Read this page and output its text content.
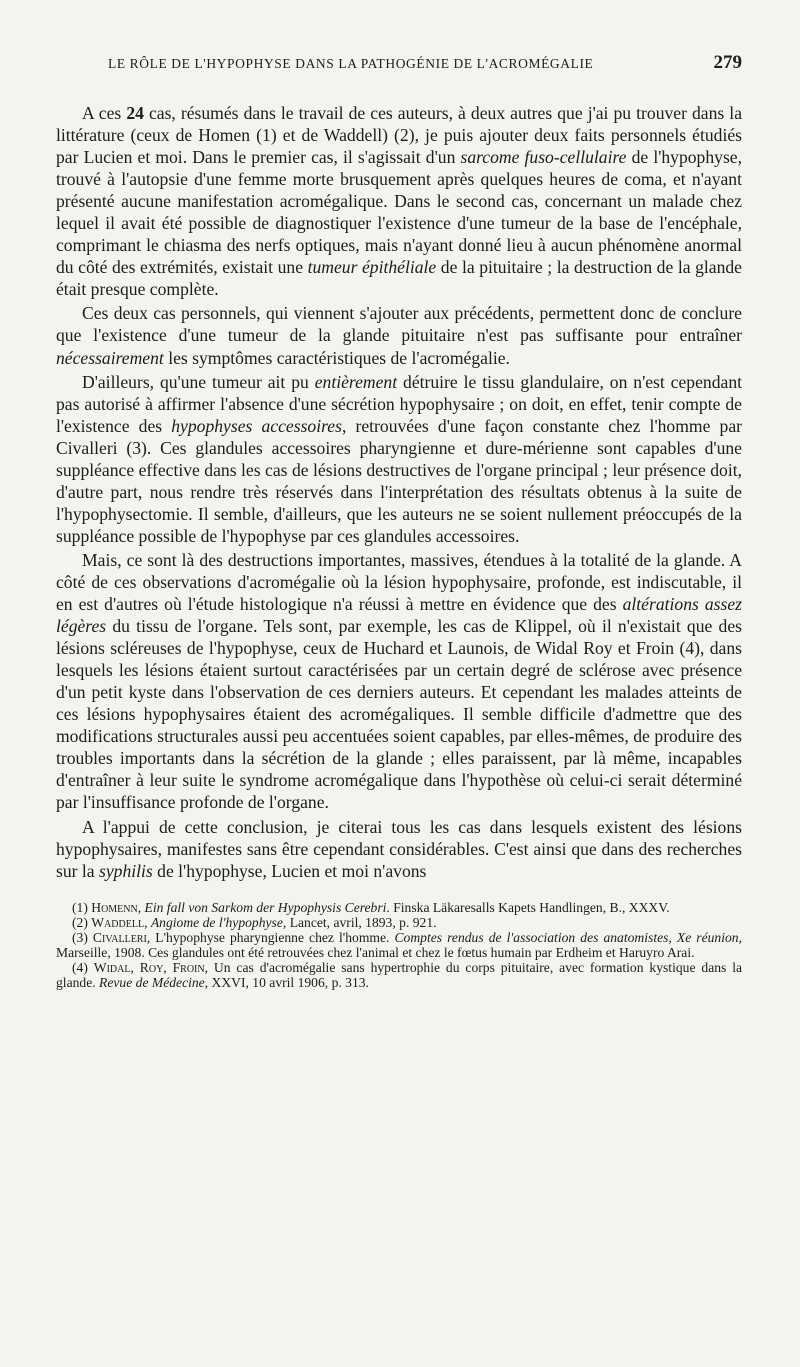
LE RÔLE DE L'HYPOPHYSE DANS LA PATHOGÉNIE DE L'ACROMÉGALIE	279

A ces 24 cas, résumés dans le travail de ces auteurs, à deux autres que j'ai pu trouver dans la littérature (ceux de Homen (1) et de Waddell) (2), je puis ajouter deux faits personnels étudiés par Lucien et moi. Dans le premier cas, il s'agissait d'un sarcome fuso-cellulaire de l'hypophyse, trouvé à l'autopsie d'une femme morte brusquement après quelques heures de coma, et n'ayant présenté aucune manifestation acromégalique. Dans le second cas, concernant un malade chez lequel il avait été possible de diagnostiquer l'existence d'une tumeur de la base de l'encéphale, comprimant le chiasma des nerfs optiques, mais n'ayant donné lieu à aucun phénomène anormal du côté des extrémités, existait une tumeur épithéliale de la pituitaire ; la destruction de la glande était presque complète.

Ces deux cas personnels, qui viennent s'ajouter aux précédents, permettent donc de conclure que l'existence d'une tumeur de la glande pituitaire n'est pas suffisante pour entraîner nécessairement les symptômes caractéristiques de l'acromégalie.

D'ailleurs, qu'une tumeur ait pu entièrement détruire le tissu glandulaire, on n'est cependant pas autorisé à affirmer l'absence d'une sécrétion hypophysaire ; on doit, en effet, tenir compte de l'existence des hypophyses accessoires, retrouvées d'une façon constante chez l'homme par Civalleri (3). Ces glandules accessoires pharyngienne et dure-mérienne sont capables d'une suppléance effective dans les cas de lésions destructives de l'organe principal ; leur présence doit, d'autre part, nous rendre très réservés dans l'interprétation des résultats obtenus à la suite de l'hypophysectomie. Il semble, d'ailleurs, que les auteurs ne se soient nullement préoccupés de la suppléance possible de l'hypophyse par ces glandules accessoires.

Mais, ce sont là des destructions importantes, massives, étendues à la totalité de la glande. A côté de ces observations d'acromégalie où la lésion hypophysaire, profonde, est indiscutable, il en est d'autres où l'étude histologique n'a réussi à mettre en évidence que des altérations assez légères du tissu de l'organe. Tels sont, par exemple, les cas de Klippel, où il n'existait que des lésions scléreuses de l'hypophyse, ceux de Huchard et Launois, de Widal Roy et Froin (4), dans lesquels les lésions étaient surtout caractérisées par un certain degré de sclérose avec présence d'un petit kyste dans l'observation de ces derniers auteurs. Et cependant les malades atteints de ces lésions hypophysaires étaient des acromégaliques. Il semble difficile d'admettre que des modifications structurales aussi peu accentuées soient capables, par elles-mêmes, de produire des troubles importants dans la sécrétion de la glande ; elles paraissent, par là même, incapables d'entraîner à leur suite le syndrome acromégalique dans l'hypothèse où celui-ci serait déterminé par l'insuffisance profonde de l'organe.

A l'appui de cette conclusion, je citerai tous les cas dans lesquels existent des lésions hypophysaires, manifestes sans être cependant considérables. C'est ainsi que dans des recherches sur la syphilis de l'hypophyse, Lucien et moi n'avons

(1) Homenn, Ein fall von Sarkom der Hypophysis Cerebri. Finska Läkaresalls Kapets Handlingen, B., XXXV.

(2) Waddell, Angiome de l'hypophyse, Lancet, avril, 1893, p. 921.

(3) Civalleri, L'hypophyse pharyngienne chez l'homme. Comptes rendus de l'association des anatomistes, Xe réunion, Marseille, 1908. Ces glandules ont été retrouvées chez l'animal et chez le fœtus humain par Erdheim et Haruyro Arai.

(4) Widal, Roy, Froin, Un cas d'acromégalie sans hypertrophie du corps pituitaire, avec formation kystique dans la glande. Revue de Médecine, XXVI, 10 avril 1906, p. 313.
